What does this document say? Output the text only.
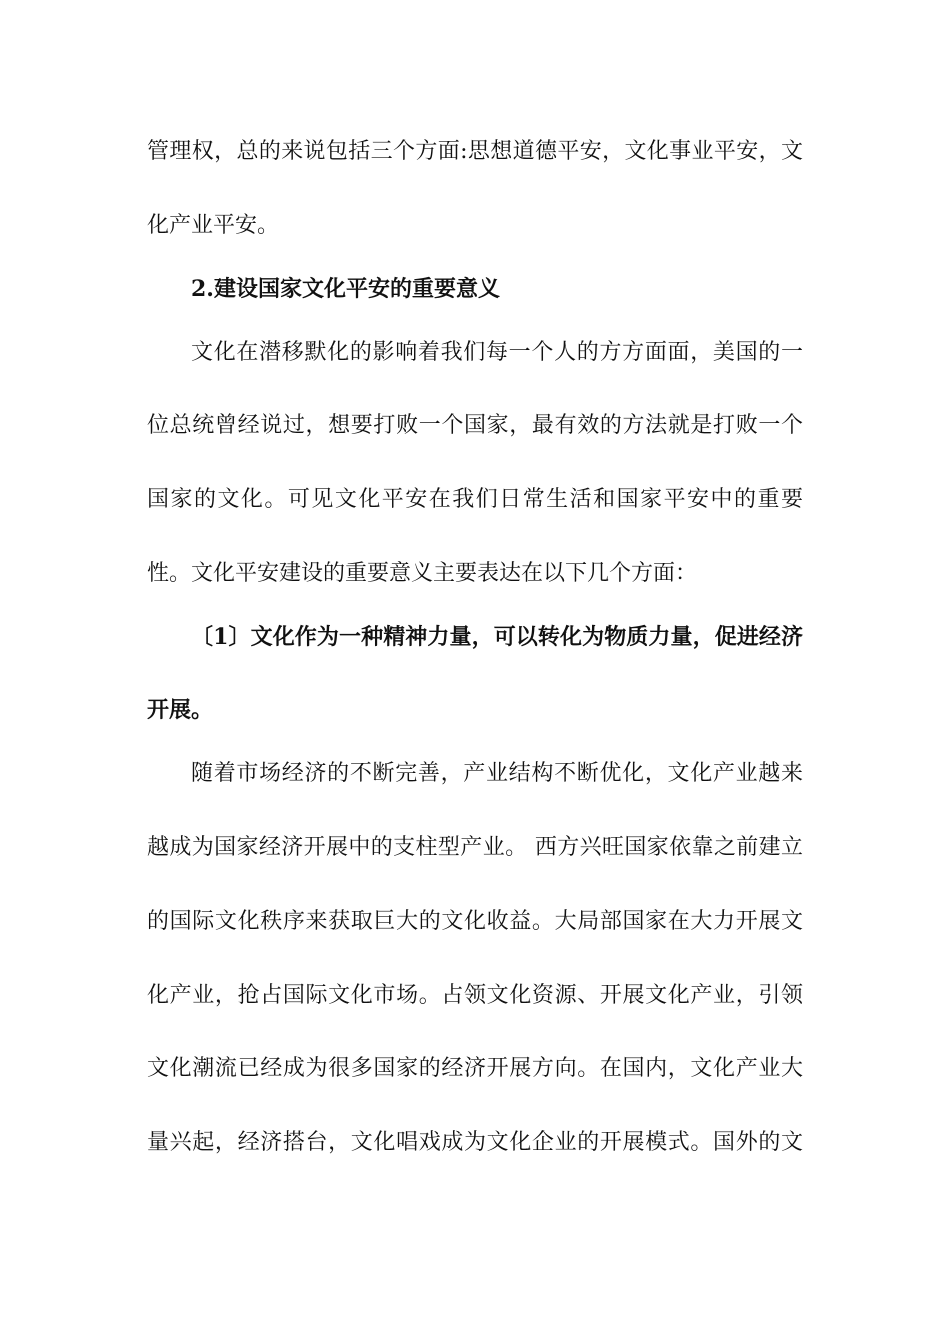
管理权，总的来说包括三个方面:思想道德平安，文化事业平安，文
化产业平安。
2.建设国家文化平安的重要意义
文化在潜移默化的影响着我们每一个人的方方面面，美国的一
位总统曾经说过，想要打败一个国家，最有效的方法就是打败一个
国家的文化。可见文化平安在我们日常生活和国家平安中的重要
性。文化平安建设的重要意义主要表达在以下几个方面：
〔1〕文化作为一种精神力量，可以转化为物质力量，促进经济
开展。
随着市场经济的不断完善，产业结构不断优化，文化产业越来
越成为国家经济开展中的支柱型产业。 西方兴旺国家依靠之前建立
的国际文化秩序来获取巨大的文化收益。大局部国家在大力开展文
化产业，抢占国际文化市场。占领文化资源、开展文化产业，引领
文化潮流已经成为很多国家的经济开展方向。在国内，文化产业大
量兴起，经济搭台，文化唱戏成为文化企业的开展模式。国外的文
